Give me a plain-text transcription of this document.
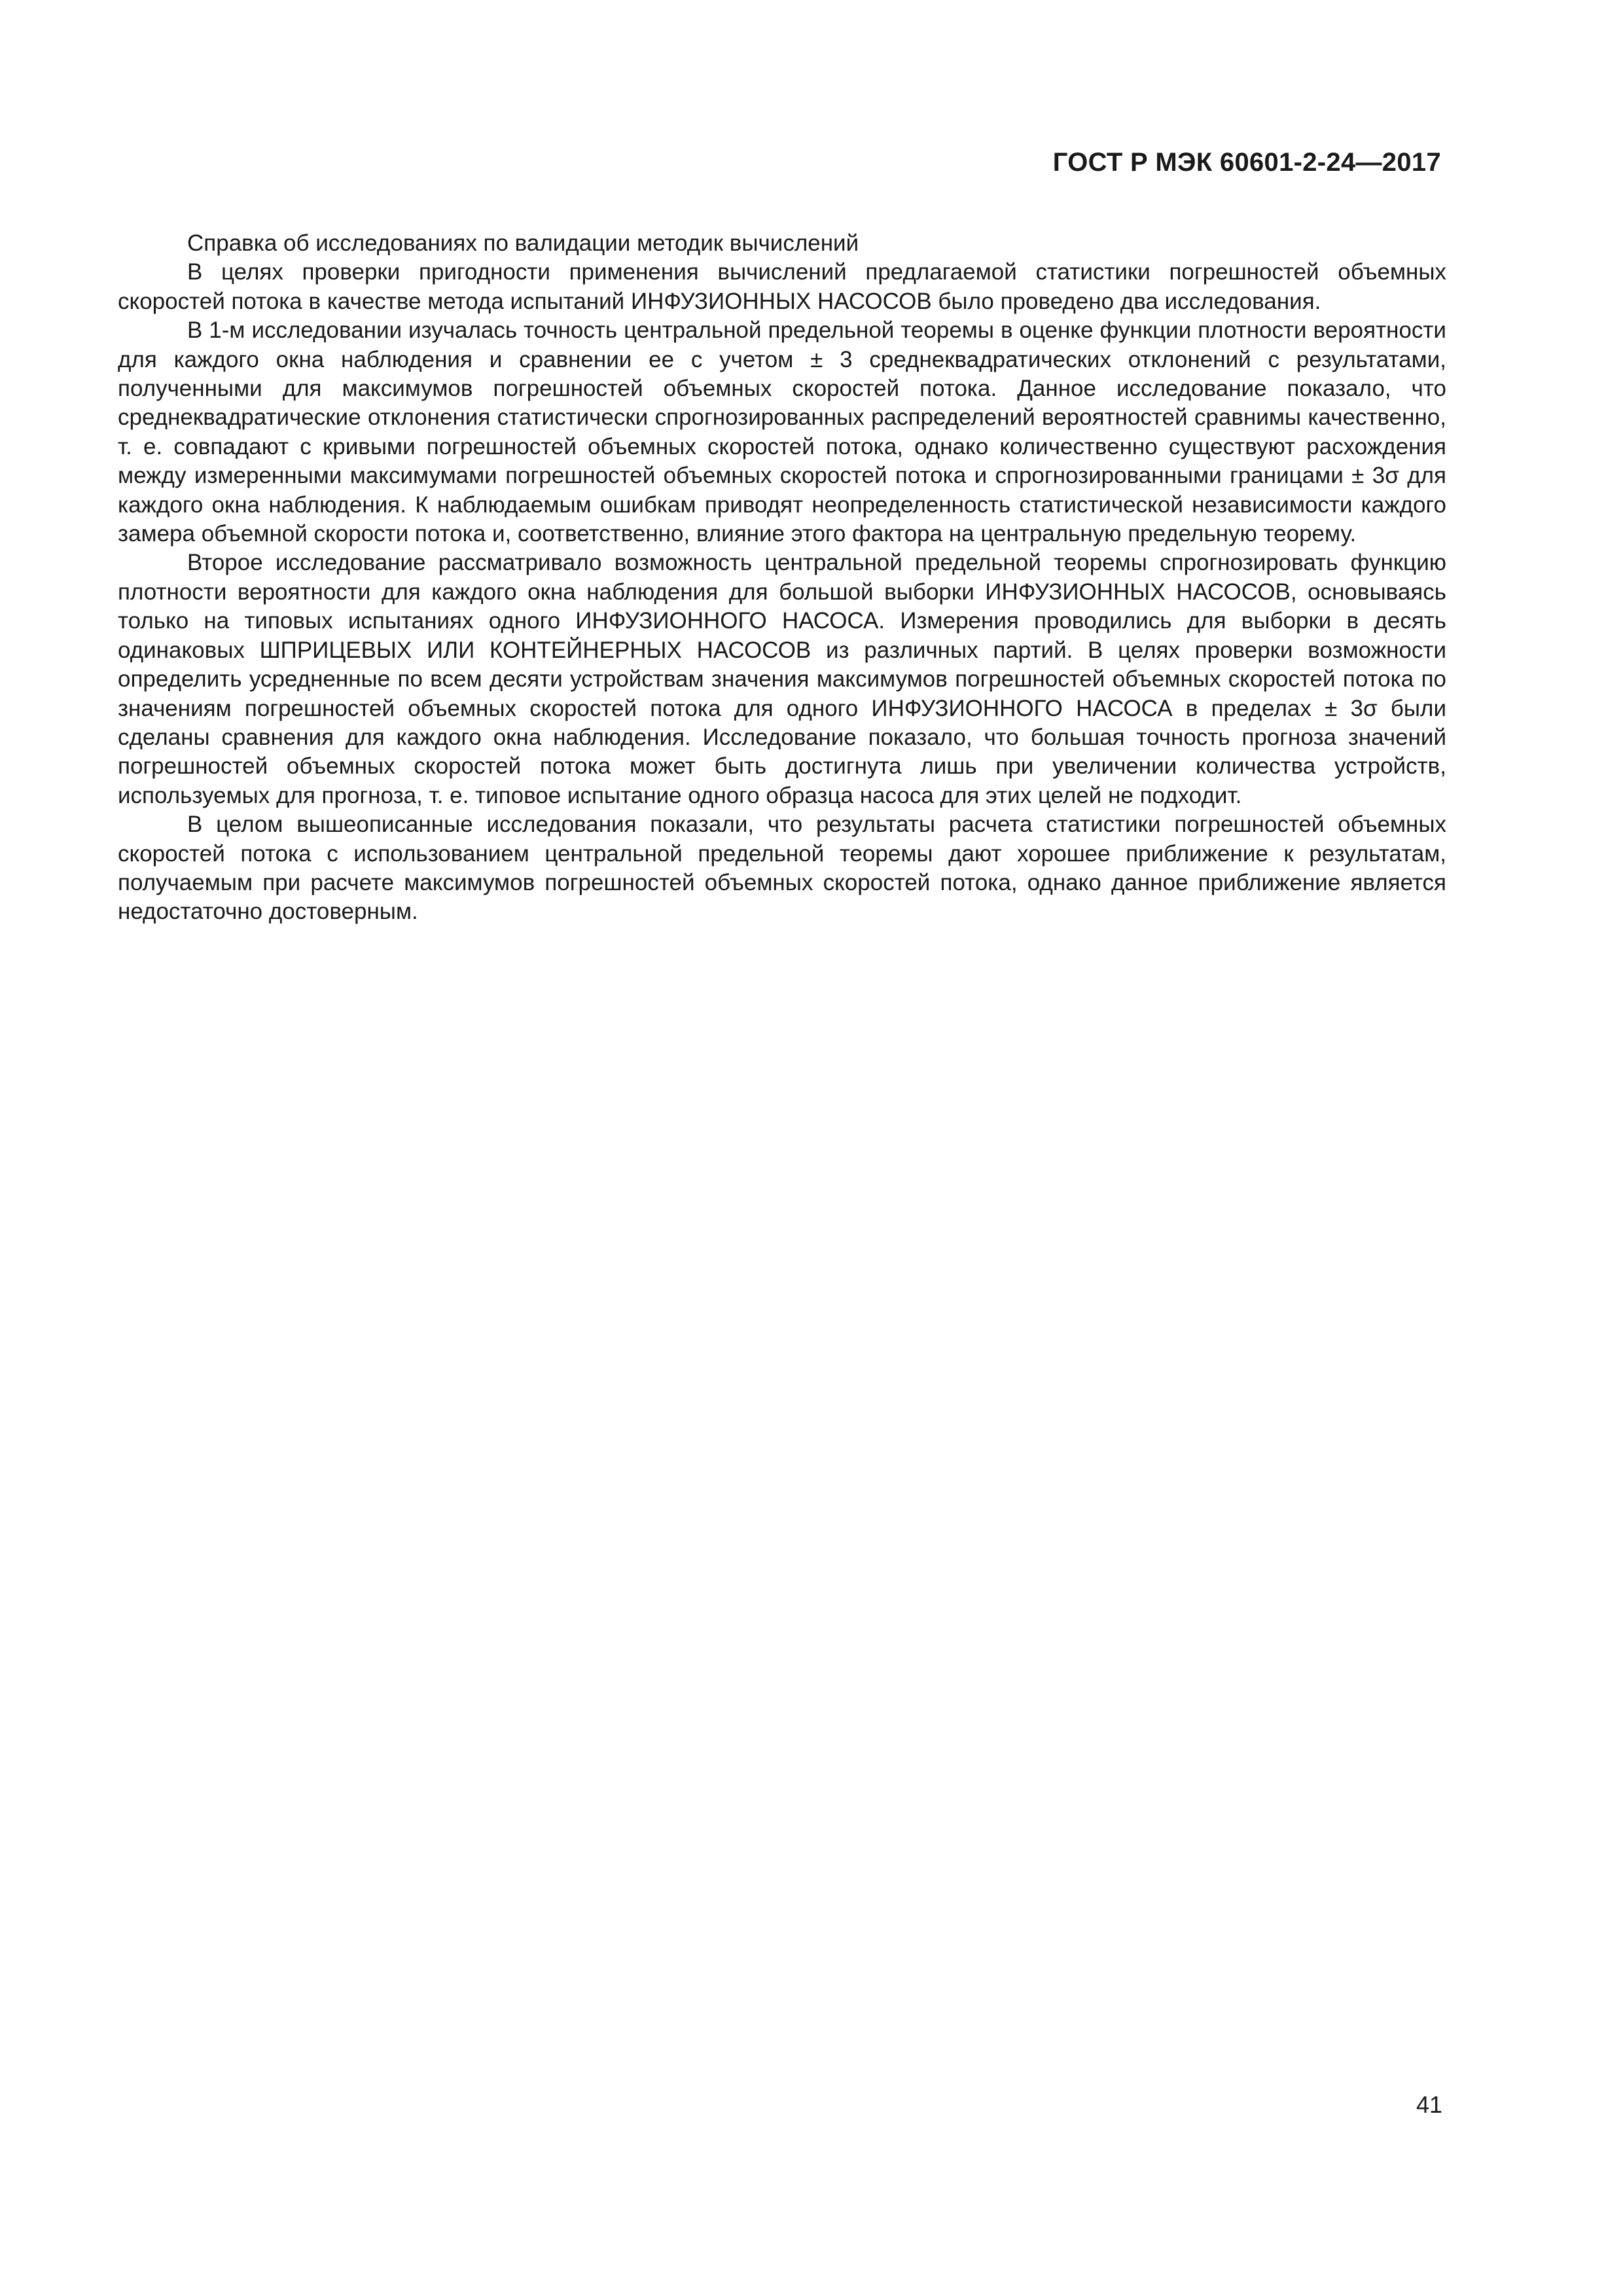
ГОСТ Р МЭК 60601-2-24—2017

Справка об исследованиях по валидации методик вычислений

В целях проверки пригодности применения вычислений предлагаемой статистики погрешностей объемных скоростей потока в качестве метода испытаний ИНФУЗИОННЫХ НАСОСОВ было проведено два исследования.

В 1-м исследовании изучалась точность центральной предельной теоремы в оценке функции плотности вероятности для каждого окна наблюдения и сравнении ее с учетом ± 3 среднеквадратических отклонений с результатами, полученными для максимумов погрешностей объемных скоростей потока. Данное исследование показало, что среднеквадратические отклонения статистически спрогнозированных распределений вероятностей сравнимы качественно, т. е. совпадают с кривыми погрешностей объемных скоростей потока, однако количественно существуют расхождения между измеренными максимумами погрешностей объемных скоростей потока и спрогнозированными границами ± 3σ для каждого окна наблюдения. К наблюдаемым ошибкам приводят неопределенность статистической независимости каждого замера объемной скорости потока и, соответственно, влияние этого фактора на центральную предельную теорему.

Второе исследование рассматривало возможность центральной предельной теоремы спрогнозировать функцию плотности вероятности для каждого окна наблюдения для большой выборки ИНФУЗИОННЫХ НАСОСОВ, основываясь только на типовых испытаниях одного ИНФУЗИОННОГО НАСОСА. Измерения проводились для выборки в десять одинаковых ШПРИЦЕВЫХ ИЛИ КОНТЕЙНЕРНЫХ НАСОСОВ из различных партий. В целях проверки возможности определить усредненные по всем десяти устройствам значения максимумов погрешностей объемных скоростей потока по значениям погрешностей объемных скоростей потока для одного ИНФУЗИОННОГО НАСОСА в пределах ± 3σ были сделаны сравнения для каждого окна наблюдения. Исследование показало, что большая точность прогноза значений погрешностей объемных скоростей потока может быть достигнута лишь при увеличении количества устройств, используемых для прогноза, т. е. типовое испытание одного образца насоса для этих целей не подходит.

В целом вышеописанные исследования показали, что результаты расчета статистики погрешностей объемных скоростей потока с использованием центральной предельной теоремы дают хорошее приближение к результатам, получаемым при расчете максимумов погрешностей объемных скоростей потока, однако данное приближение является недостаточно достоверным.

41
